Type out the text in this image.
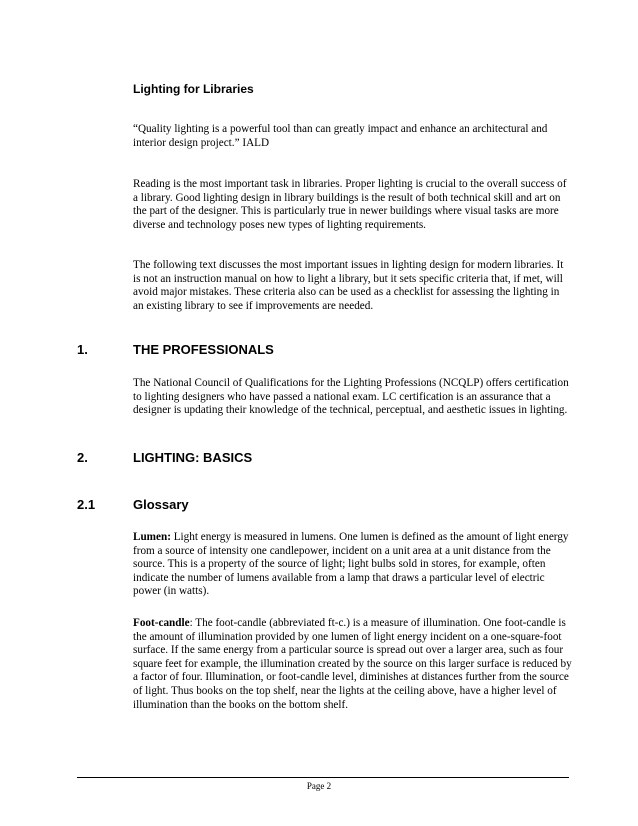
Lighting for Libraries

“Quality lighting is a powerful tool than can greatly impact and enhance an architectural and
interior design project.” IALD

Reading is the most important task in libraries. Proper lighting is crucial to the overall success of
a library. Good lighting design in library buildings is the result of both technical skill and art on
the part of the designer. This is particularly true in newer buildings where visual tasks are more
diverse and technology poses new types of lighting requirements.

The following text discusses the most important issues in lighting design for modern libraries. It
is not an instruction manual on how to light a library, but it sets specific criteria that, if met, will
avoid major mistakes. These criteria also can be used as a checklist for assessing the lighting in
an existing library to see if improvements are needed.

1.	THE PROFESSIONALS

The National Council of Qualifications for the Lighting Professions (NCQLP) offers certification
to lighting designers who have passed a national exam. LC certification is an assurance that a
designer is updating their knowledge of the technical, perceptual, and aesthetic issues in lighting.

2.	LIGHTING: BASICS
2.1	Glossary

Lumen: Light energy is measured in lumens. One lumen is defined as the amount of light energy
from a source of intensity one candlepower, incident on a unit area at a unit distance from the
source. This is a property of the source of light; light bulbs sold in stores, for example, often
indicate the number of lumens available from a lamp that draws a particular level of electric
power (in watts).

Foot-candle: The foot-candle (abbreviated ft-c.) is a measure of illumination. One foot-candle is
the amount of illumination provided by one lumen of light energy incident on a one-square-foot
surface. If the same energy from a particular source is spread out over a larger area, such as four
square feet for example, the illumination created by the source on this larger surface is reduced by
a factor of four. Illumination, or foot-candle level, diminishes at distances further from the source
of light. Thus books on the top shelf, near the lights at the ceiling above, have a higher level of
illumination than the books on the bottom shelf.

Page 2
